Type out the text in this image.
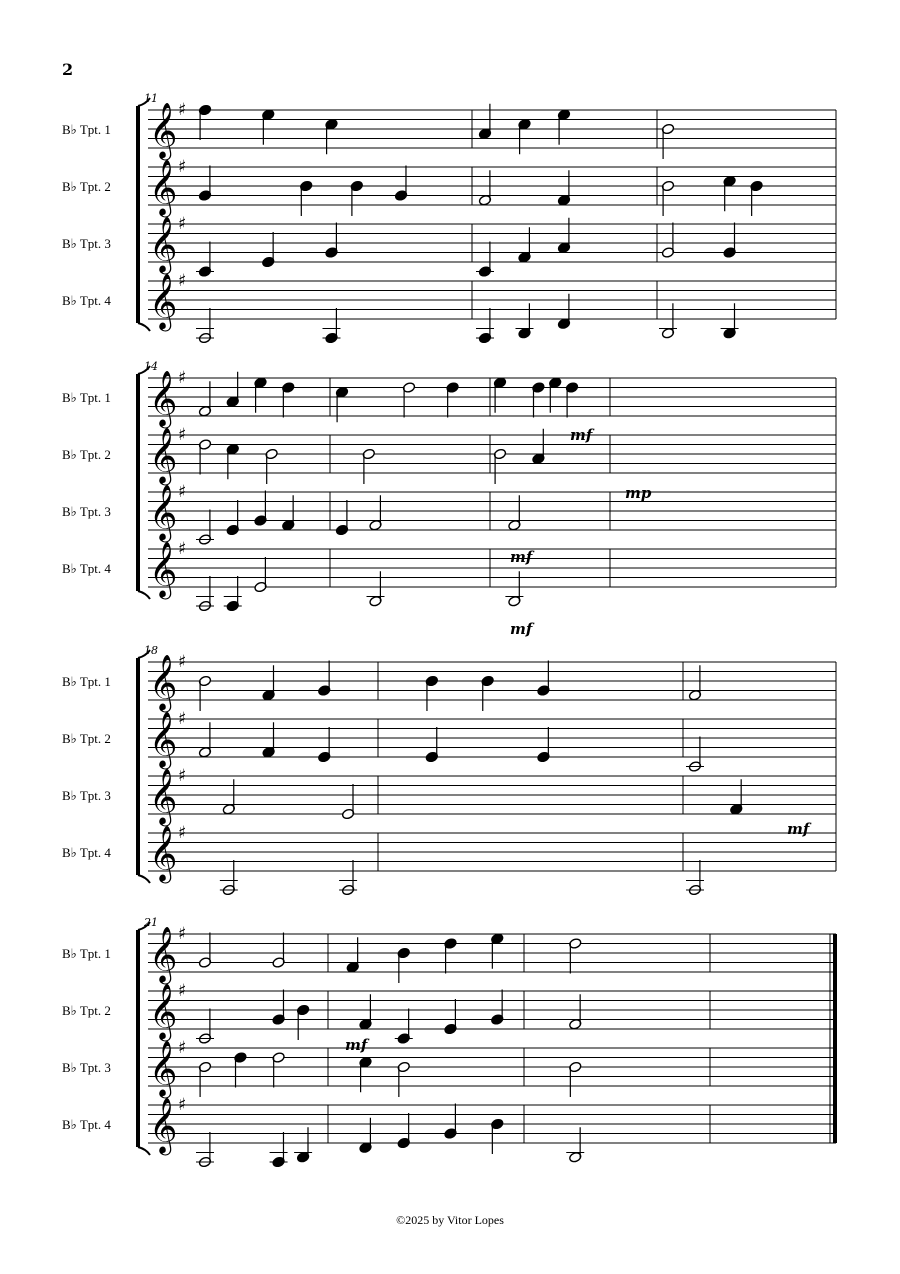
2
11
B♭ Tpt. 1 𝄞 ♯
B♭ Tpt. 2 𝄞 ♯
B♭ Tpt. 3 𝄞 ♯
B♭ Tpt. 4 𝄞 ♯
14
B♭ Tpt. 1 𝄞 ♯
B♭ Tpt. 2 𝄞 ♯
B♭ Tpt. 3 𝄞 ♯
B♭ Tpt. 4 𝄞 ♯
mf
mp
mf
mf
18
B♭ Tpt. 1 𝄞 ♯
B♭ Tpt. 2 𝄞 ♯
B♭ Tpt. 3 𝄞 ♯
B♭ Tpt. 4 𝄞 ♯	mf
21
B♭ Tpt. 1 𝄞 ♯
B♭ Tpt. 2 𝄞 ♯
B♭ Tpt. 3 𝄞 ♯
B♭ Tpt. 4 𝄞 ♯
mf
©2025 by Vitor Lopes
